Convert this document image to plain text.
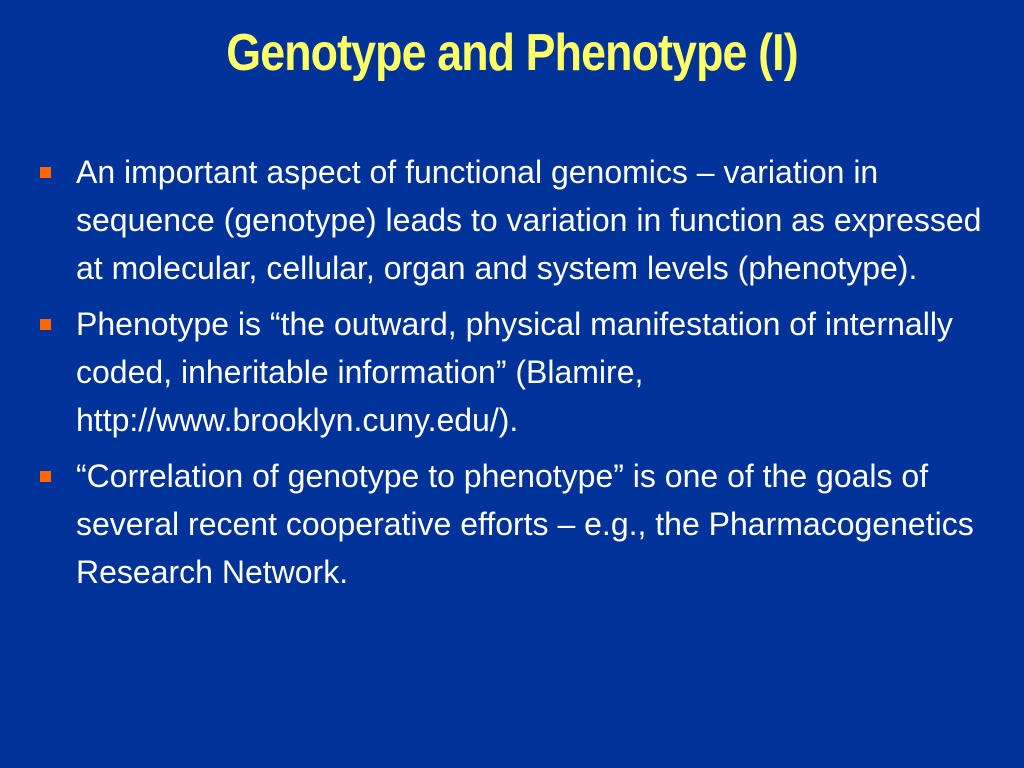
Genotype and Phenotype (I)
An important aspect of functional genomics – variation in sequence (genotype) leads to variation in function as expressed at molecular, cellular, organ and system levels (phenotype).
Phenotype is “the outward, physical manifestation of internally coded, inheritable information” (Blamire, http://www.brooklyn.cuny.edu/).
“Correlation of genotype to phenotype” is one of the goals of several recent cooperative efforts – e.g., the Pharmacogenetics Research Network.
